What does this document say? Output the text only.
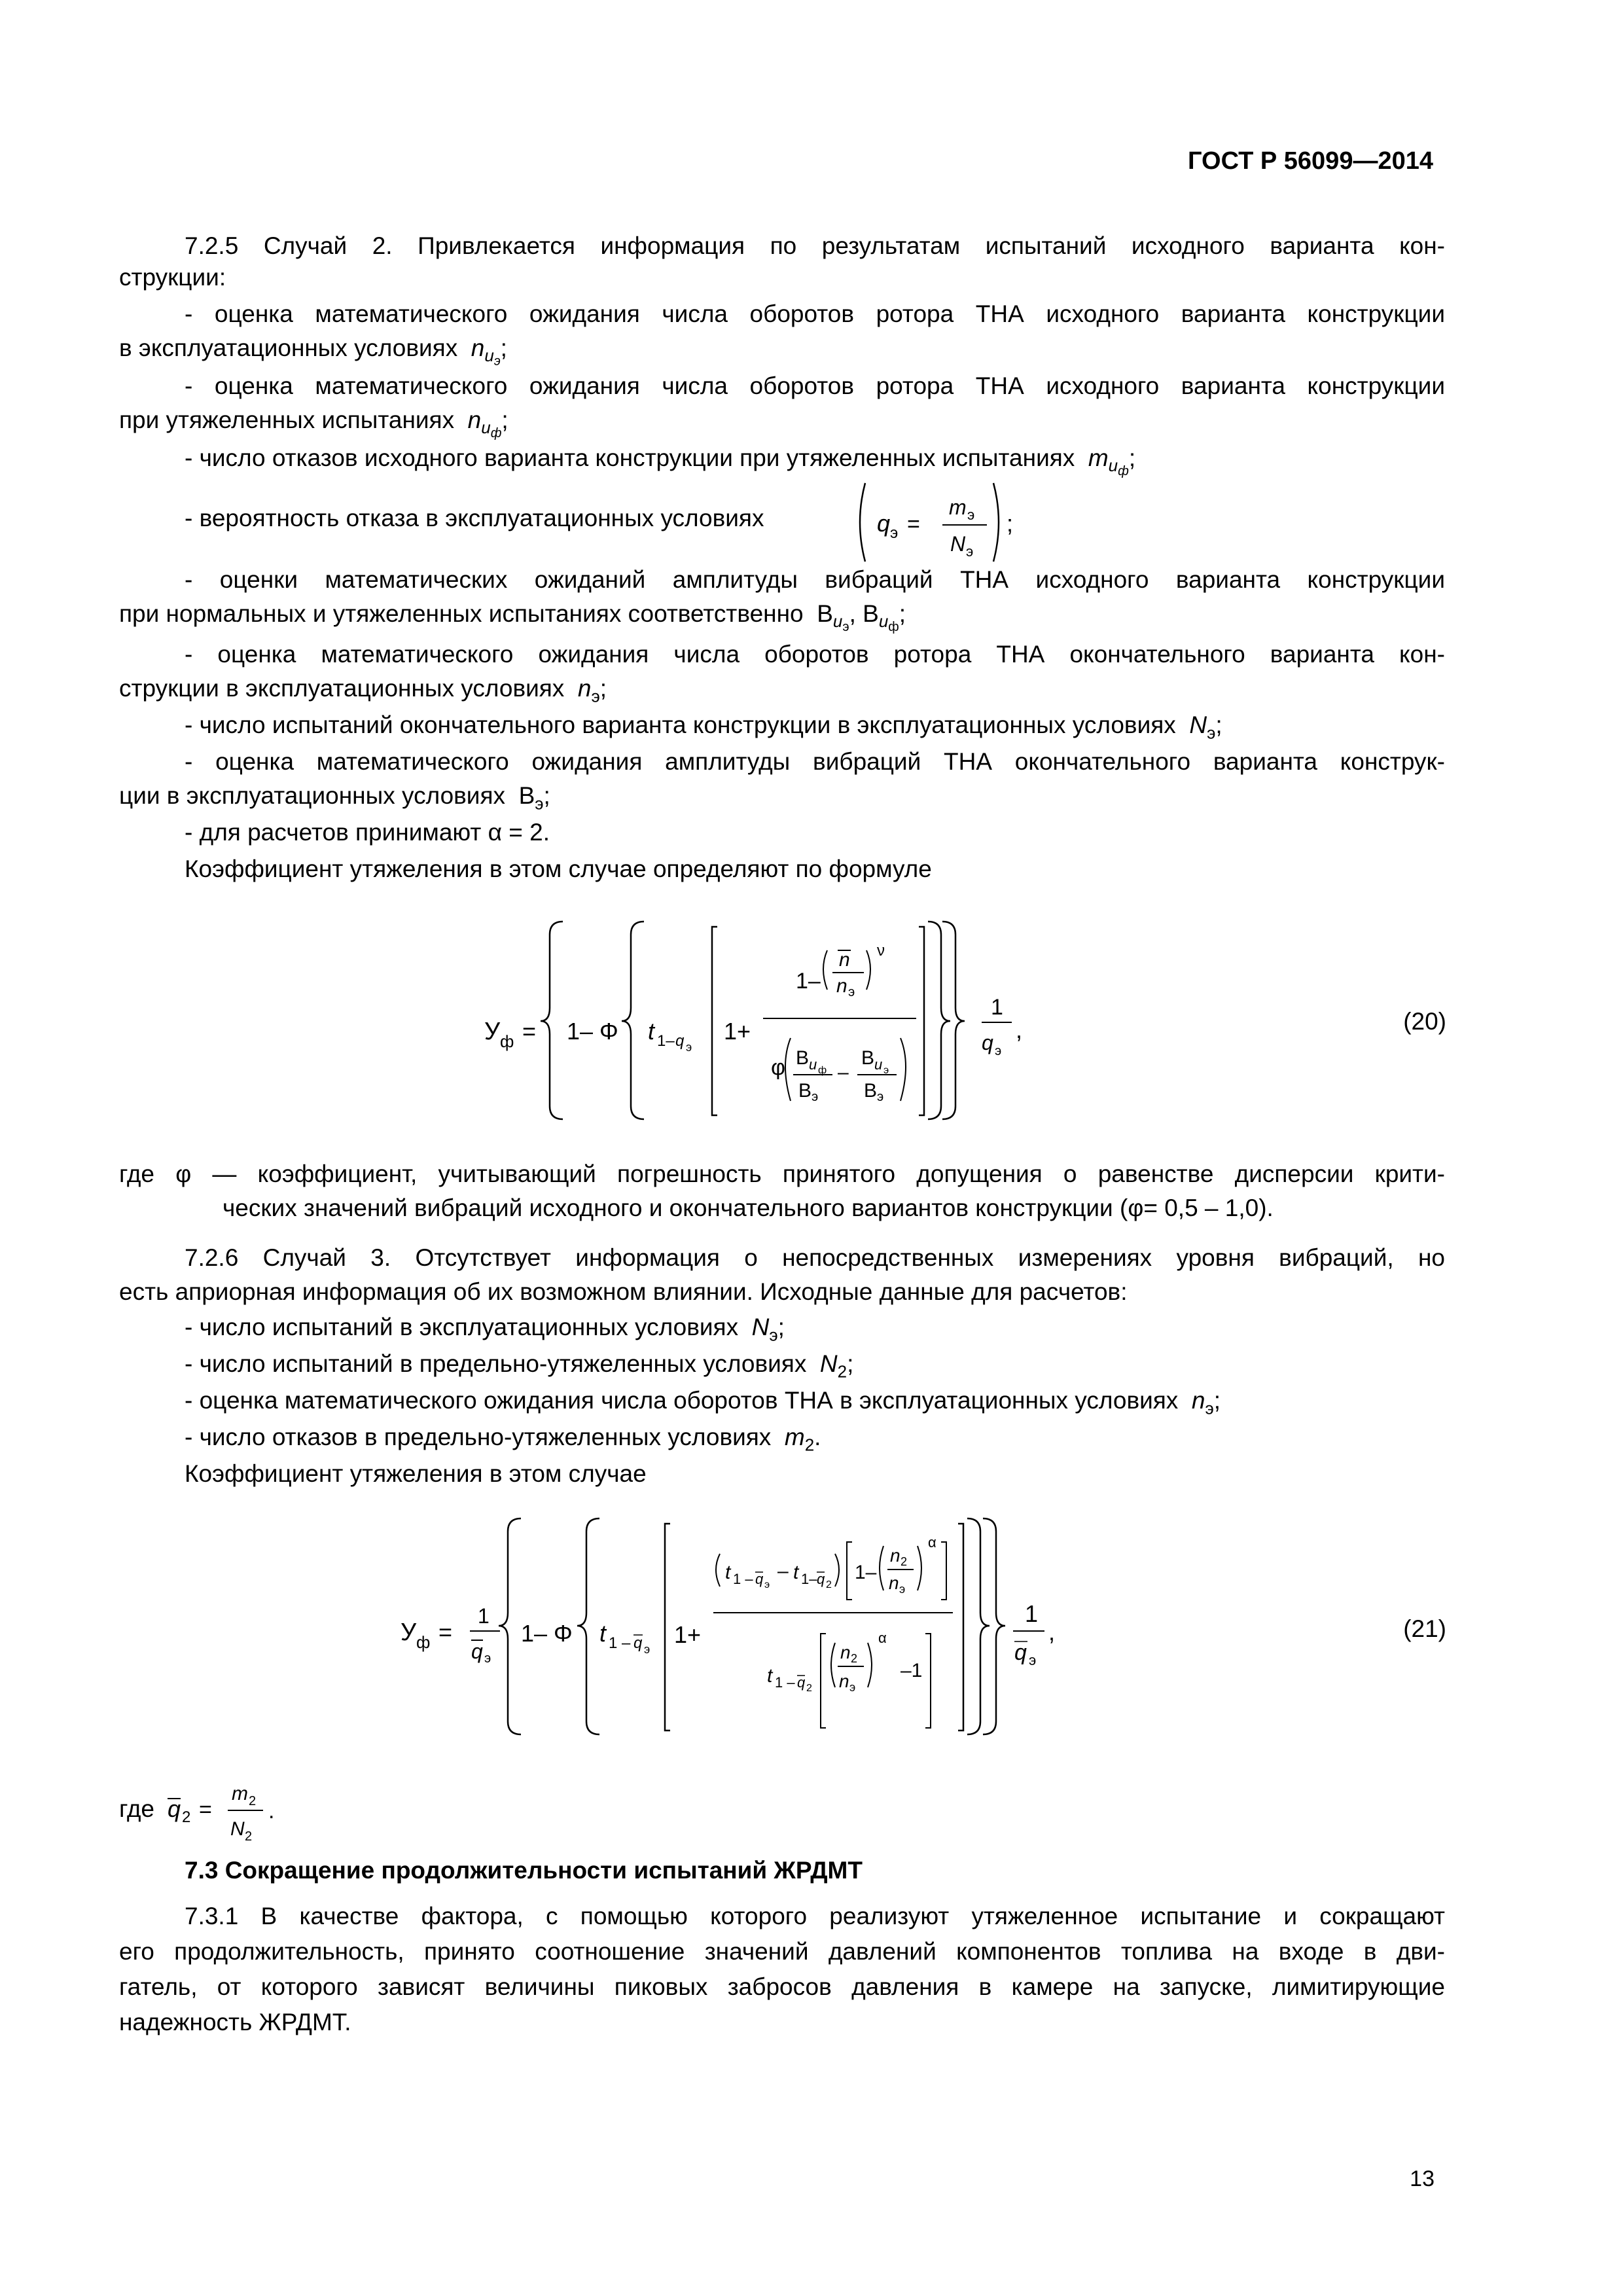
ГОСТ Р 56099—2014
7.2.5 Случай 2. Привлекается информация по результатам испытаний исходного варианта кон-
струкции:
- оценка математического ожидания числа оборотов ротора ТНА исходного варианта конструкции
в эксплуатационных условиях  $n_{и_э}$;
- оценка математического ожидания числа оборотов ротора ТНА исходного варианта конструкции
при утяжеленных испытаниях  $n_{и_ф}$;
- число отказов исходного варианта конструкции при утяжеленных испытаниях  $m_{и_ф}$;
- вероятность отказа в эксплуатационных условиях	q э =
m э
N э
;
- оценки математических ожиданий амплитуды вибраций ТНА исходного варианта конструкции
при нормальных и утяжеленных испытаниях соответственно  $В_{и_э}$, $В_{и_ф}$;
- оценка математического ожидания числа оборотов ротора ТНА окончательного варианта кон-
струкции в эксплуатационных условиях  $n_э$;
- число испытаний окончательного варианта конструкции в эксплуатационных условиях  $N_э$;
- оценка математического ожидания амплитуды вибраций ТНА окончательного варианта конструк-
ции в эксплуатационных условиях  $В_э$;
- для расчетов принимают α = 2.
Коэффициент утяжеления в этом случае определяют по формуле
У ф = 1– Φ t 1– q э
1+
1–
n
n э
ν
φ В и ф
В э
–
В и э
В э
1
q э
,	(20)
где φ — коэффициент, учитывающий погрешность принятого допущения о равенстве дисперсии крити-
ческих значений вибраций исходного и окончательного вариантов конструкции (φ= 0,5 – 1,0).
7.2.6 Случай 3. Отсутствует информация о непосредственных измерениях уровня вибраций, но
есть априорная информация об их возможном влиянии. Исходные данные для расчетов:
- число испытаний в эксплуатационных условиях  $N_э$;
- число испытаний в предельно-утяжеленных условиях  $N_2$;
- оценка математического ожидания числа оборотов ТНА в эксплуатационных условиях  $n_э$;
- число отказов в предельно-утяжеленных условиях  $m_2$.
Коэффициент утяжеления в этом случае
У ф =
1
q э
1– Φ t 1 – q э
1+
t 1 – q э
– t 1– q 2
1–
n 2
n э
α
t 1 – q 2
n 2
n э
α
–1
1
q э
,	(21)
где q 2 =
m 2
N 2
.
7.3 Сокращение продолжительности испытаний ЖРДМТ
7.3.1 В качестве фактора, с помощью которого реализуют утяжеленное испытание и сокращают
его продолжительность, принято соотношение значений давлений компонентов топлива на входе в дви-
гатель, от которого зависят величины пиковых забросов давления в камере на запуске, лимитирующие
надежность ЖРДМТ.
13
